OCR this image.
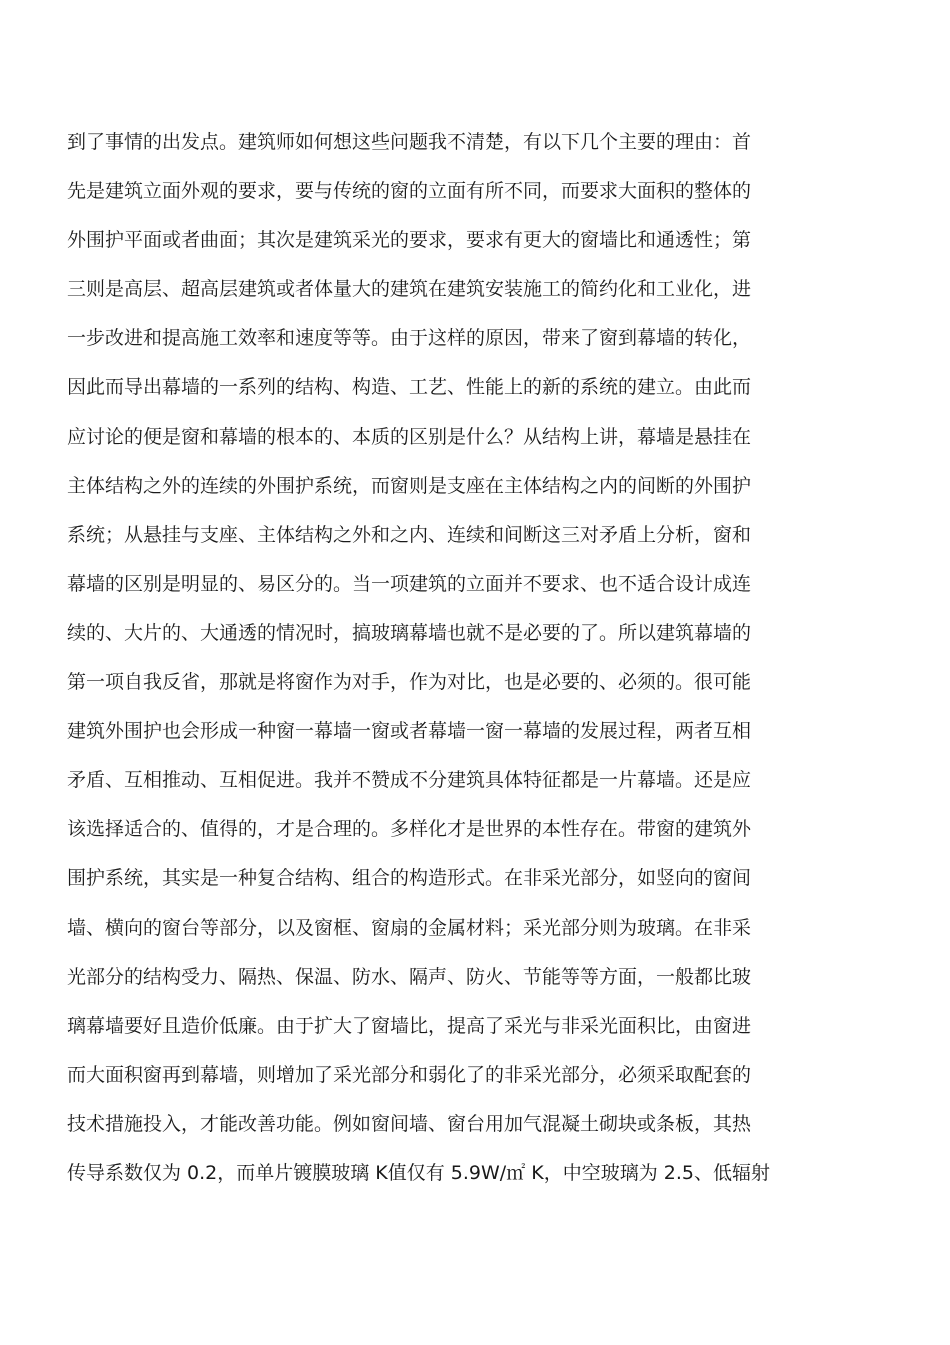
到了事情的出发点。建筑师如何想这些问题我不清楚，有以下几个主要的理由：首
先是建筑立面外观的要求，要与传统的窗的立面有所不同，而要求大面积的整体的
外围护平面或者曲面；其次是建筑采光的要求，要求有更大的窗墙比和通透性；第
三则是高层、超高层建筑或者体量大的建筑在建筑安装施工的简约化和工业化，进
一步改进和提高施工效率和速度等等。由于这样的原因，带来了窗到幕墙的转化，
因此而导出幕墙的一系列的结构、构造、工艺、性能上的新的系统的建立。由此而
应讨论的便是窗和幕墙的根本的、本质的区别是什么？从结构上讲，幕墙是悬挂在
主体结构之外的连续的外围护系统，而窗则是支座在主体结构之内的间断的外围护
系统；从悬挂与支座、主体结构之外和之内、连续和间断这三对矛盾上分析，窗和
幕墙的区别是明显的、易区分的。当一项建筑的立面并不要求、也不适合设计成连
续的、大片的、大通透的情况时，搞玻璃幕墙也就不是必要的了。所以建筑幕墙的
第一项自我反省，那就是将窗作为对手，作为对比，也是必要的、必须的。很可能
建筑外围护也会形成一种窗一幕墙一窗或者幕墙一窗一幕墙的发展过程，两者互相
矛盾、互相推动、互相促进。我并不赞成不分建筑具体特征都是一片幕墙。还是应
该选择适合的、值得的，才是合理的。多样化才是世界的本性存在。带窗的建筑外
围护系统，其实是一种复合结构、组合的构造形式。在非采光部分，如竖向的窗间
墙、横向的窗台等部分，以及窗框、窗扇的金属材料；采光部分则为玻璃。在非采
光部分的结构受力、隔热、保温、防水、隔声、防火、节能等等方面，一般都比玻
璃幕墙要好且造价低廉。由于扩大了窗墙比，提高了采光与非采光面积比，由窗进
而大面积窗再到幕墙，则增加了采光部分和弱化了的非采光部分，必须采取配套的
技术措施投入，才能改善功能。例如窗间墙、窗台用加气混凝土砌块或条板，其热
传导系数仅为 0.2，而单片镀膜玻璃 K值仅有 5.9W/㎡ K，中空玻璃为 2.5、低辐射
